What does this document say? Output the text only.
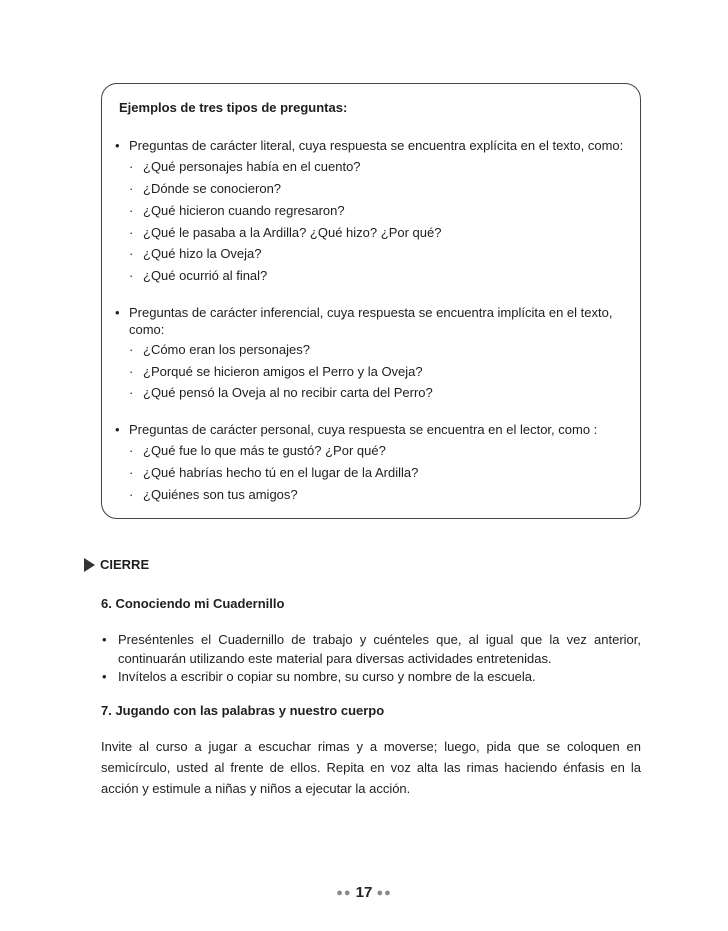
Ejemplos de tres tipos de preguntas:
• Preguntas de carácter literal, cuya respuesta se encuentra explícita en el texto, como:
· ¿Qué personajes había en el cuento?
· ¿Dónde se conocieron?
· ¿Qué hicieron cuando regresaron?
· ¿Qué le pasaba a la Ardilla? ¿Qué hizo? ¿Por qué?
· ¿Qué hizo la Oveja?
· ¿Qué ocurrió al final?
• Preguntas de carácter inferencial, cuya respuesta se encuentra implícita en el texto,
como:
· ¿Cómo eran los personajes?
· ¿Porqué se hicieron amigos el Perro y la Oveja?
· ¿Qué pensó la Oveja al no recibir carta del Perro?
• Preguntas de carácter personal, cuya respuesta se encuentra en el lector, como :
· ¿Qué fue lo que más te gustó? ¿Por qué?
· ¿Qué habrías hecho tú en el lugar de la Ardilla?
· ¿Quiénes son tus amigos?
CIERRE
6. Conociendo mi Cuadernillo
• Preséntenles el Cuadernillo de trabajo y cuénteles que, al igual que la vez anterior, continuarán utilizando este material para diversas actividades entretenidas.
• Invítelos a escribir o copiar su nombre, su curso y nombre de la escuela.
7. Jugando con las palabras y nuestro cuerpo
Invite al curso a jugar a escuchar rimas y a moverse; luego, pida que se coloquen en semicírculo, usted al frente de ellos. Repita en voz alta las rimas haciendo énfasis en la acción y estimule a niñas y niños a ejecutar la acción.
●● 17 ●●
